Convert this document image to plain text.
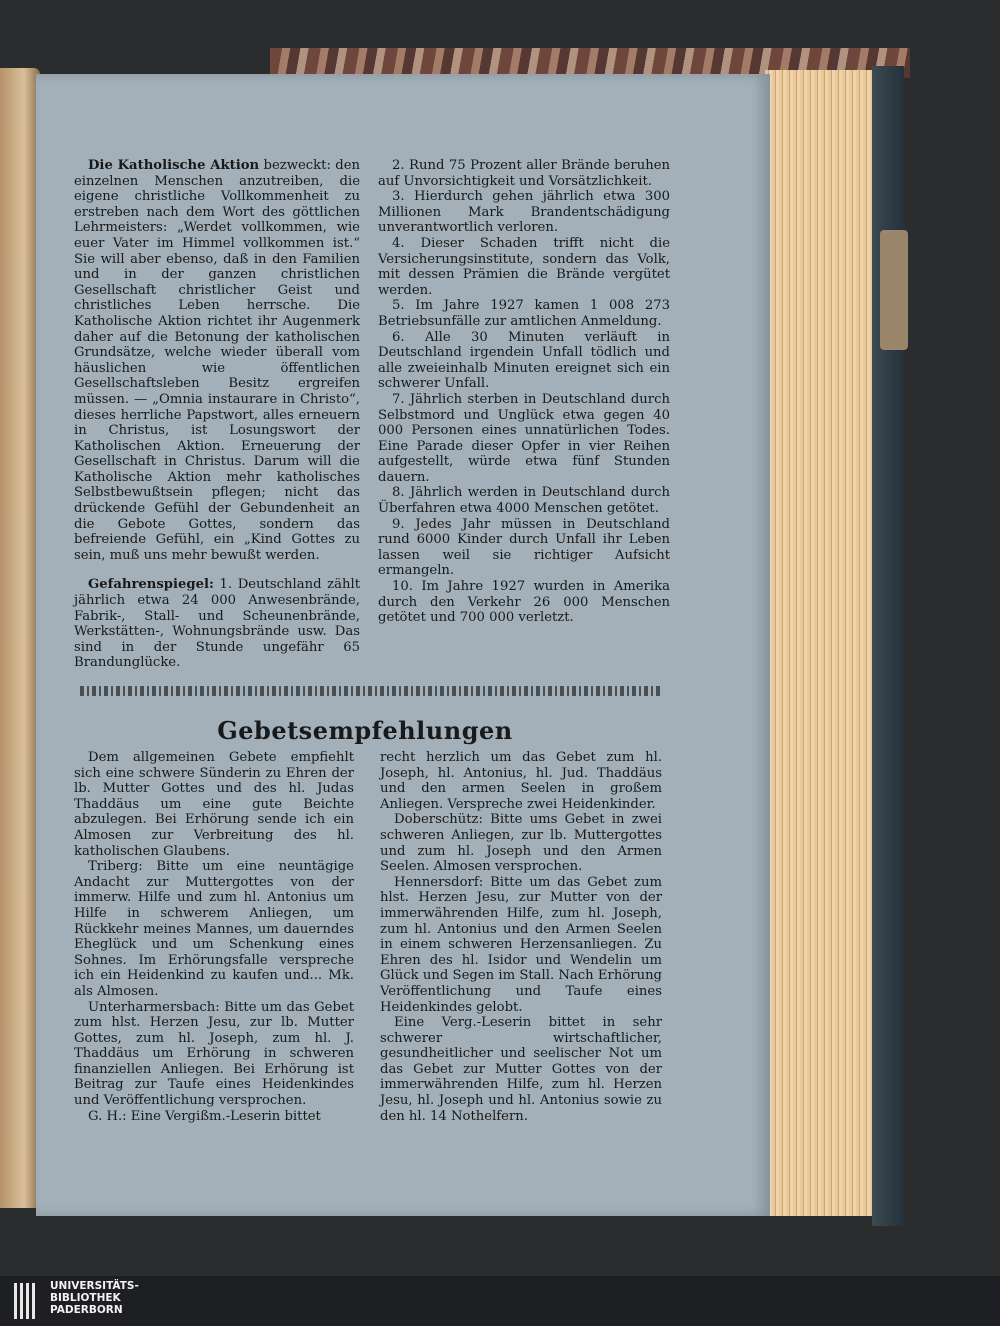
Die Katholische Aktion bezweckt: den einzelnen Menschen anzutreiben, die eigene christliche Vollkommenheit zu erstreben nach dem Wort des göttlichen Lehrmeisters: „Werdet vollkommen, wie euer Vater im Himmel vollkommen ist.“ Sie will aber ebenso, daß in den Familien und in der ganzen christlichen Gesellschaft christlicher Geist und christliches Leben herrsche. Die Katholische Aktion richtet ihr Augenmerk daher auf die Betonung der katholischen Grundsätze, welche wieder überall vom häuslichen wie öffentlichen Gesellschaftsleben Besitz ergreifen müssen. — „Omnia instaurare in Christo“, dieses herrliche Papstwort, alles erneuern in Christus, ist Losungswort der Katholischen Aktion. Erneuerung der Gesellschaft in Christus. Darum will die Katholische Aktion mehr katholisches Selbstbewußtsein pflegen; nicht das drückende Gefühl der Gebundenheit an die Gebote Gottes, sondern das befreiende Gefühl, ein „Kind Gottes zu sein, muß uns mehr bewußt werden.

Gefahrenspiegel: 1. Deutschland zählt jährlich etwa 24 000 Anwesenbrände, Fabrik-, Stall- und Scheunenbrände, Werkstätten-, Wohnungsbrände usw. Das sind in der Stunde ungefähr 65 Brandunglücke.

2. Rund 75 Prozent aller Brände beruhen auf Unvorsichtigkeit und Vorsätzlichkeit.

3. Hierdurch gehen jährlich etwa 300 Millionen Mark Brandentschädigung unverantwortlich verloren.

4. Dieser Schaden trifft nicht die Versicherungsinstitute, sondern das Volk, mit dessen Prämien die Brände vergütet werden.

5. Im Jahre 1927 kamen 1 008 273 Betriebsunfälle zur amtlichen Anmeldung.

6. Alle 30 Minuten verläuft in Deutschland irgendein Unfall tödlich und alle zweieinhalb Minuten ereignet sich ein schwerer Unfall.

7. Jährlich sterben in Deutschland durch Selbstmord und Unglück etwa gegen 40 000 Personen eines unnatürlichen Todes. Eine Parade dieser Opfer in vier Reihen aufgestellt, würde etwa fünf Stunden dauern.

8. Jährlich werden in Deutschland durch Überfahren etwa 4000 Menschen getötet.

9. Jedes Jahr müssen in Deutschland rund 6000 Kinder durch Unfall ihr Leben lassen weil sie richtiger Aufsicht ermangeln.

10. Im Jahre 1927 wurden in Amerika durch den Verkehr 26 000 Menschen getötet und 700 000 verletzt.

Gebetsempfehlungen

Dem allgemeinen Gebete empfiehlt sich eine schwere Sünderin zu Ehren der lb. Mutter Gottes und des hl. Judas Thaddäus um eine gute Beichte abzulegen. Bei Erhörung sende ich ein Almosen zur Verbreitung des hl. katholischen Glaubens.

Triberg: Bitte um eine neuntägige Andacht zur Muttergottes von der immerw. Hilfe und zum hl. Antonius um Hilfe in schwerem Anliegen, um Rückkehr meines Mannes, um dauerndes Eheglück und um Schenkung eines Sohnes. Im Erhörungsfalle verspreche ich ein Heidenkind zu kaufen und... Mk. als Almosen.

Unterharmersbach: Bitte um das Gebet zum hlst. Herzen Jesu, zur lb. Mutter Gottes, zum hl. Joseph, zum hl. J. Thaddäus um Erhörung in schweren finanziellen Anliegen. Bei Erhörung ist Beitrag zur Taufe eines Heidenkindes und Veröffentlichung versprochen.

G. H.: Eine Vergißm.-Leserin bittet

recht herzlich um das Gebet zum hl. Joseph, hl. Antonius, hl. Jud. Thaddäus und den armen Seelen in großem Anliegen. Verspreche zwei Heidenkinder.

Doberschütz: Bitte ums Gebet in zwei schweren Anliegen, zur lb. Muttergottes und zum hl. Joseph und den Armen Seelen. Almosen versprochen.

Hennersdorf: Bitte um das Gebet zum hlst. Herzen Jesu, zur Mutter von der immerwährenden Hilfe, zum hl. Joseph, zum hl. Antonius und den Armen Seelen in einem schweren Herzensanliegen. Zu Ehren des hl. Isidor und Wendelin um Glück und Segen im Stall. Nach Erhörung Veröffentlichung und Taufe eines Heidenkindes gelobt.

Eine Verg.-Leserin bittet in sehr schwerer wirtschaftlicher, gesundheitlicher und seelischer Not um das Gebet zur Mutter Gottes von der immerwährenden Hilfe, zum hl. Herzen Jesu, hl. Joseph und hl. Antonius sowie zu den hl. 14 Nothelfern.

UNIVERSITÄTS-
BIBLIOTHEK
PADERBORN
